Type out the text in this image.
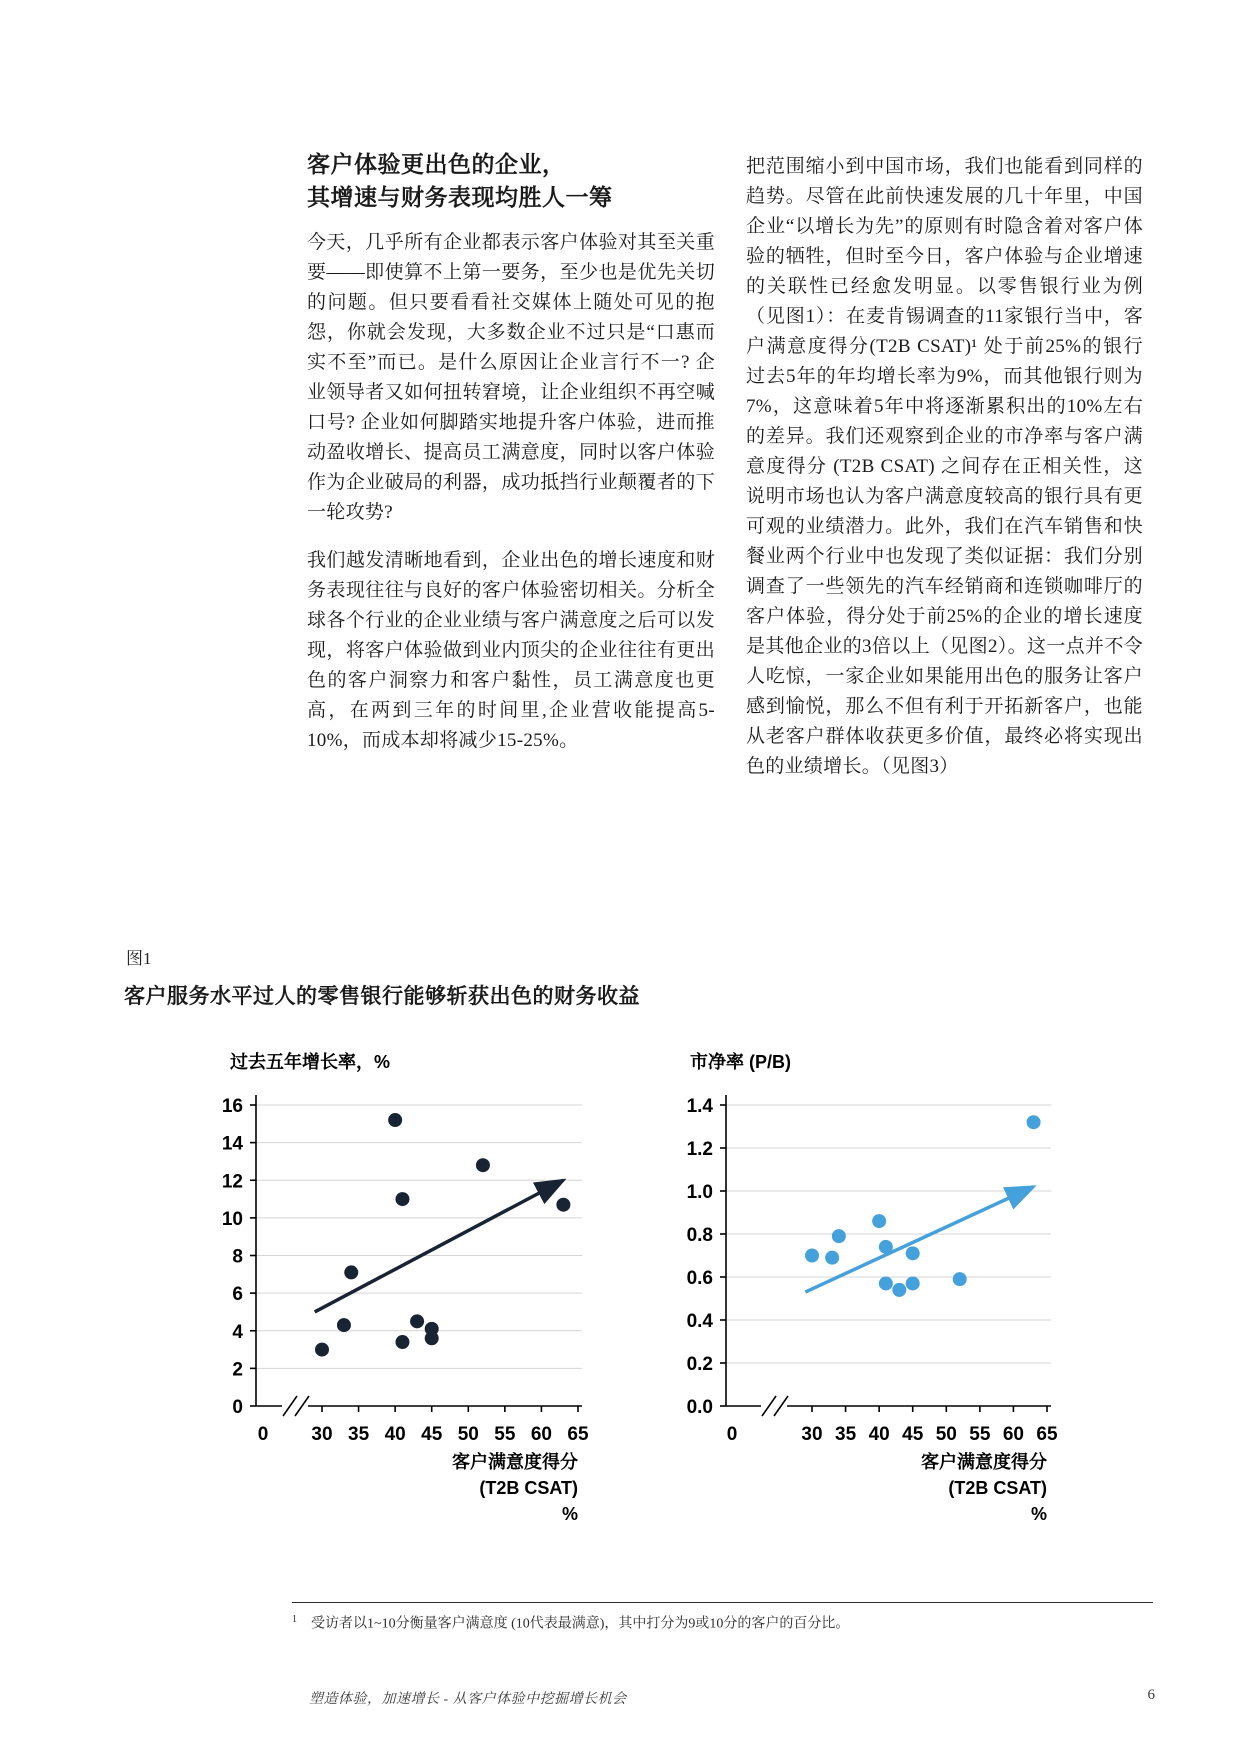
客户体验更出色的企业，
其增速与财务表现均胜人一筹

今天，几乎所有企业都表示客户体验对其至关重要——即使算不上第一要务，至少也是优先关切的问题。但只要看看社交媒体上随处可见的抱怨，你就会发现，大多数企业不过只是“口惠而实不至”而已。是什么原因让企业言行不一? 企业领导者又如何扭转窘境，让企业组织不再空喊口号? 企业如何脚踏实地提升客户体验，进而推动盈收增长、提高员工满意度，同时以客户体验作为企业破局的利器，成功抵挡行业颠覆者的下一轮攻势?

我们越发清晰地看到，企业出色的增长速度和财务表现往往与良好的客户体验密切相关。分析全球各个行业的企业业绩与客户满意度之后可以发现，将客户体验做到业内顶尖的企业往往有更出色的客户洞察力和客户黏性，员工满意度也更高，在两到三年的时间里,企业营收能提高5-10%，而成本却将减少15-25%。

把范围缩小到中国市场，我们也能看到同样的趋势。尽管在此前快速发展的几十年里，中国企业“以增长为先”的原则有时隐含着对客户体验的牺牲，但时至今日，客户体验与企业增速的关联性已经愈发明显。以零售银行业为例（见图1）：在麦肯锡调查的11家银行当中，客户满意度得分(T2B CSAT)¹ 处于前25%的银行过去5年的年均增长率为9%，而其他银行则为7%，这意味着5年中将逐渐累积出的10%左右的差异。我们还观察到企业的市净率与客户满意度得分 (T2B CSAT) 之间存在正相关性，这说明市场也认为客户满意度较高的银行具有更可观的业绩潜力。此外，我们在汽车销售和快餐业两个行业中也发现了类似证据：我们分别调查了一些领先的汽车经销商和连锁咖啡厅的客户体验，得分处于前25%的企业的增长速度是其他企业的3倍以上（见图2）。这一点并不令人吃惊，一家企业如果能用出色的服务让客户感到愉悦，那么不但有利于开拓新客户，也能从老客户群体收获更多价值，最终必将实现出色的业绩增长。（见图3）

图1
客户服务水平过人的零售银行能够斩获出色的财务收益
16
14
12
10
8
6
4
2
0
30 35 40 45 50 55 60 65
0
过去五年增长率，%
客户满意度得分
(T2B CSAT)
%
1.4
1.2
1.0
0.8
0.6
0.4
0.2
0.0
30 35 40 45 50 55 60 65
0
市净率 (P/B)
客户满意度得分
(T2B CSAT)
%
$^1$ 受访者以1~10分衡量客户满意度 (10代表最满意)，其中打分为9或10分的客户的百分比。
塑造体验，加速增长 - 从客户体验中挖掘增长机会	6
